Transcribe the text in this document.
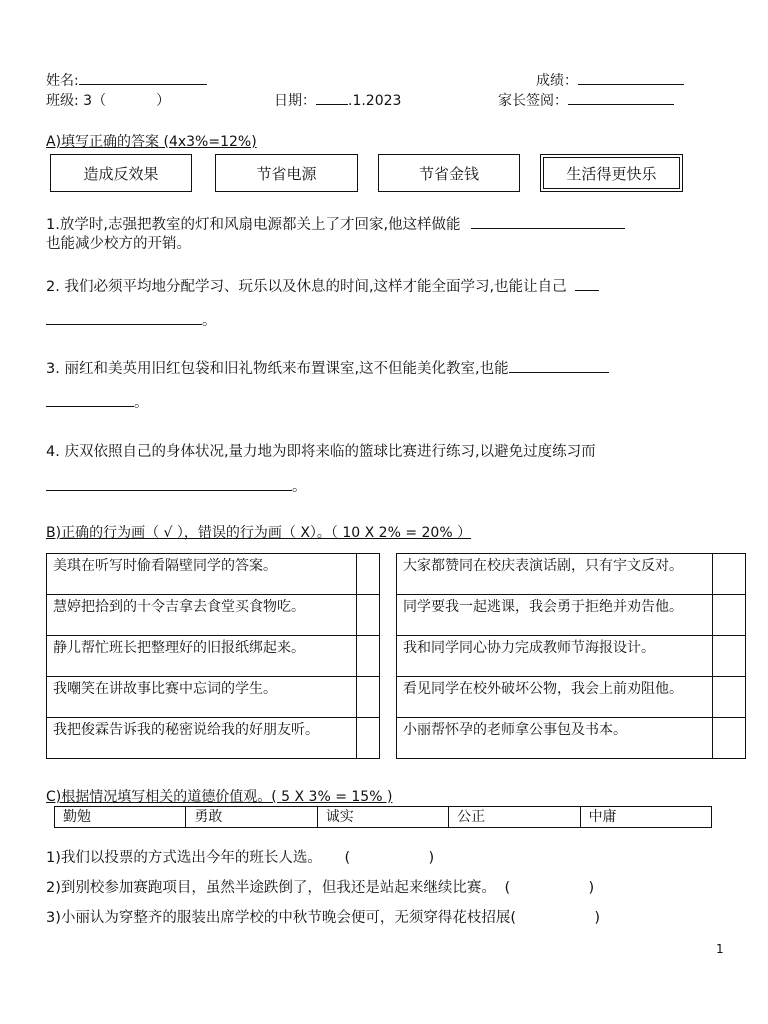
姓名:	成绩：
班级: 3（	）	日期： .1.2023	家长签阅：
A)填写正确的答案 (4x3%=12%)
造成反效果	节省电源	节省金钱	生活得更快乐
1.放学时,志强把教室的灯和风扇电源都关上了才回家,他这样做能
也能减少校方的开销。
2. 我们必须平均地分配学习、玩乐以及休息的时间,这样才能全面学习,也能让自己
。
3. 丽红和美英用旧红包袋和旧礼物纸来布置课室,这不但能美化教室,也能
。
4. 庆双依照自己的身体状况,量力地为即将来临的篮球比赛进行练习,以避免过度练习而
。
B)正确的行为画（ √ ），错误的行为画（ X）。（ 10 X 2% = 20% ）
美琪在听写时偷看隔壁同学的答案。	
慧婷把拾到的十令吉拿去食堂买食物吃。	
静儿帮忙班长把整理好的旧报纸绑起来。	
我嘲笑在讲故事比赛中忘词的学生。	
我把俊霖告诉我的秘密说给我的好朋友听。	
大家都赞同在校庆表演话剧，只有宇文反对。	
同学要我一起逃课，我会勇于拒绝并劝告他。	
我和同学同心协力完成教师节海报设计。	
看见同学在校外破坏公物，我会上前劝阻他。	
小丽帮怀孕的老师拿公事包及书本。	
C)根据情况填写相关的道德价值观。( 5 X 3% = 15% )
勤勉	勇敢	诚实	公正	中庸
1)我们以投票的方式选出今年的班长人选。 (                 )
2)到别校参加赛跑项目，虽然半途跌倒了，但我还是站起来继续比赛。 (                 )
3)小丽认为穿整齐的服装出席学校的中秋节晚会便可，无须穿得花枝招展(                 )
1
